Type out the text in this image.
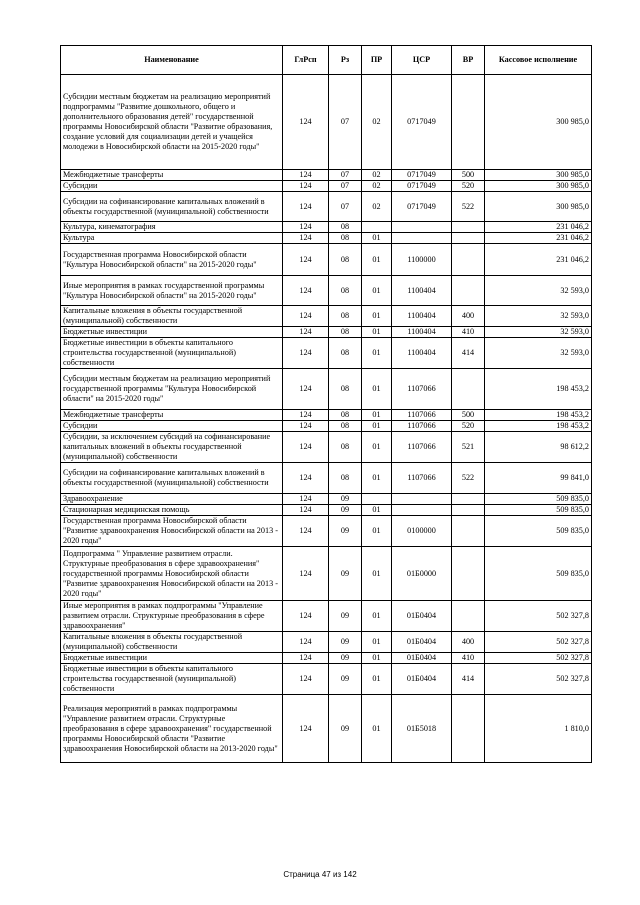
Наименование	ГлРсп	Рз	ПР	ЦСР	ВР	Кассовое исполнение
Субсидии местным бюджетам на реализацию мероприятий подпрограммы "Развитие дошкольного, общего и дополнительного образования детей" государственной программы Новосибирской области "Развитие образования, создание условий для социализации детей и учащейся молодежи в Новосибирской области на 2015-2020 годы"	124	07	02	0717049		300 985,0
Межбюджетные трансферты	124	07	02	0717049	500	300 985,0
Субсидии	124	07	02	0717049	520	300 985,0
Субсидии на софинансирование капитальных вложений в объекты государственной (муниципальной) собственности	124	07	02	0717049	522	300 985,0
Культура, кинематография	124	08				231 046,2
Культура	124	08	01			231 046,2
Государственная программа Новосибирской области "Культура Новосибирской области" на 2015-2020 годы"	124	08	01	1100000		231 046,2
Иные мероприятия в рамках государственной программы "Культура Новосибирской области" на 2015-2020 годы"	124	08	01	1100404		32 593,0
Капитальные вложения в объекты государственной (муниципальной) собственности	124	08	01	1100404	400	32 593,0
Бюджетные инвестиции	124	08	01	1100404	410	32 593,0
Бюджетные инвестиции в объекты капитального строительства государственной (муниципальной) собственности	124	08	01	1100404	414	32 593,0
Субсидии местным бюджетам на реализацию мероприятий государственной программы "Культура Новосибирской области" на 2015-2020 годы"	124	08	01	1107066		198 453,2
Межбюджетные трансферты	124	08	01	1107066	500	198 453,2
Субсидии	124	08	01	1107066	520	198 453,2
Субсидии, за исключением субсидий на софинансирование капитальных вложений в объекты государственной (муниципальной) собственности	124	08	01	1107066	521	98 612,2
Субсидии на софинансирование капитальных вложений в объекты государственной (муниципальной) собственности	124	08	01	1107066	522	99 841,0
Здравоохранение	124	09				509 835,0
Стационарная медицинская помощь	124	09	01			509 835,0
Государственная программа Новосибирской области "Развитие здравоохранения Новосибирской области на 2013 - 2020 годы"	124	09	01	0100000		509 835,0
Подпрограмма " Управление развитием отрасли. Структурные преобразования в сфере здравоохранения" государственной программы Новосибирской области "Развитие здравоохранения Новосибирской области на 2013 - 2020 годы"	124	09	01	01Б0000		509 835,0
Иные мероприятия в рамках подпрограммы "Управление развитием отрасли. Структурные преобразования в сфере здравоохранения"	124	09	01	01Б0404		502 327,8
Капитальные вложения в объекты государственной (муниципальной) собственности	124	09	01	01Б0404	400	502 327,8
Бюджетные инвестиции	124	09	01	01Б0404	410	502 327,8
Бюджетные инвестиции в объекты капитального строительства государственной (муниципальной) собственности	124	09	01	01Б0404	414	502 327,8
Реализация мероприятий в рамках подпрограммы "Управление развитием отрасли. Структурные преобразования в сфере здравоохранения" государственной программы Новосибирской области "Развитие здравоохранения Новосибирской области на 2013-2020 годы"	124	09	01	01Б5018		1 810,0
Страница 47 из 142
